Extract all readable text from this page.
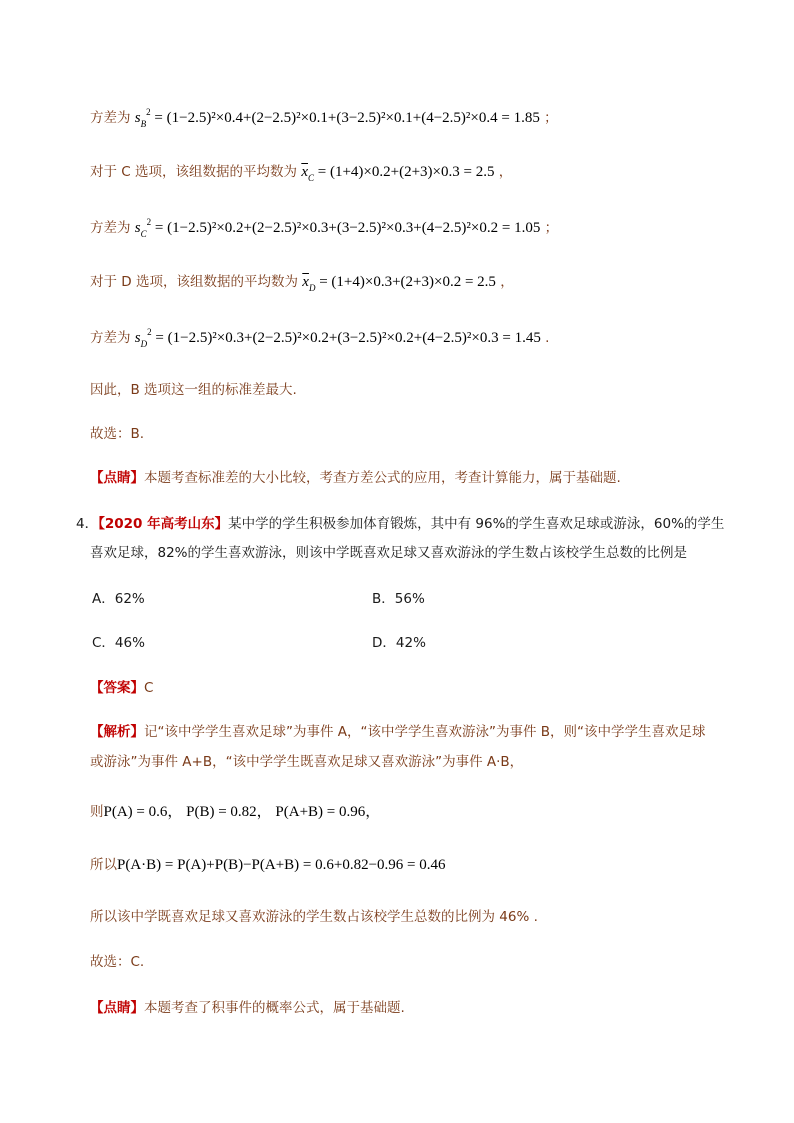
方差为 $s_B^2 = (1-2.5)^2\times 0.4+(2-2.5)^2\times 0.1+(3-2.5)^2\times 0.1+(4-2.5)^2\times 0.4 = 1.85$ ；
对于 C 选项，该组数据的平均数为 $\overline{x}_C = (1+4)\times 0.2+(2+3)\times 0.3 = 2.5$ ，
方差为 $s_C^2 = (1-2.5)^2\times 0.2+(2-2.5)^2\times 0.3+(3-2.5)^2\times 0.3+(4-2.5)^2\times 0.2 = 1.05$ ；
对于 D 选项，该组数据的平均数为 $\overline{x}_D = (1+4)\times 0.3+(2+3)\times 0.2 = 2.5$ ，
方差为 $s_D^2 = (1-2.5)^2\times 0.3+(2-2.5)^2\times 0.2+(3-2.5)^2\times 0.2+(4-2.5)^2\times 0.3 = 1.45$ .
因此，B 选项这一组的标准差最大.
故选：B.
【点睛】本题考查标准差的大小比较，考查方差公式的应用，考查计算能力，属于基础题.
4．【2020 年高考山东】某中学的学生积极参加体育锻炼，其中有 96%的学生喜欢足球或游泳，60%的学生
喜欢足球，82%的学生喜欢游泳，则该中学既喜欢足球又喜欢游泳的学生数占该校学生总数的比例是
A．62%	B．56%
C．46%	D．42%
【答案】C
【解析】记“该中学学生喜欢足球”为事件 A，“该中学学生喜欢游泳”为事件 B，则“该中学学生喜欢足球
或游泳”为事件 A+B，“该中学学生既喜欢足球又喜欢游泳”为事件 A·B，
则P(A) = 0.6， P(B) = 0.82， P(A+B) = 0.96，
所以P(A·B) = P(A)+P(B)−P(A+B) = 0.6+0.82−0.96 = 0.46
所以该中学既喜欢足球又喜欢游泳的学生数占该校学生总数的比例为 46% .
故选：C.
【点睛】本题考查了积事件的概率公式，属于基础题.
